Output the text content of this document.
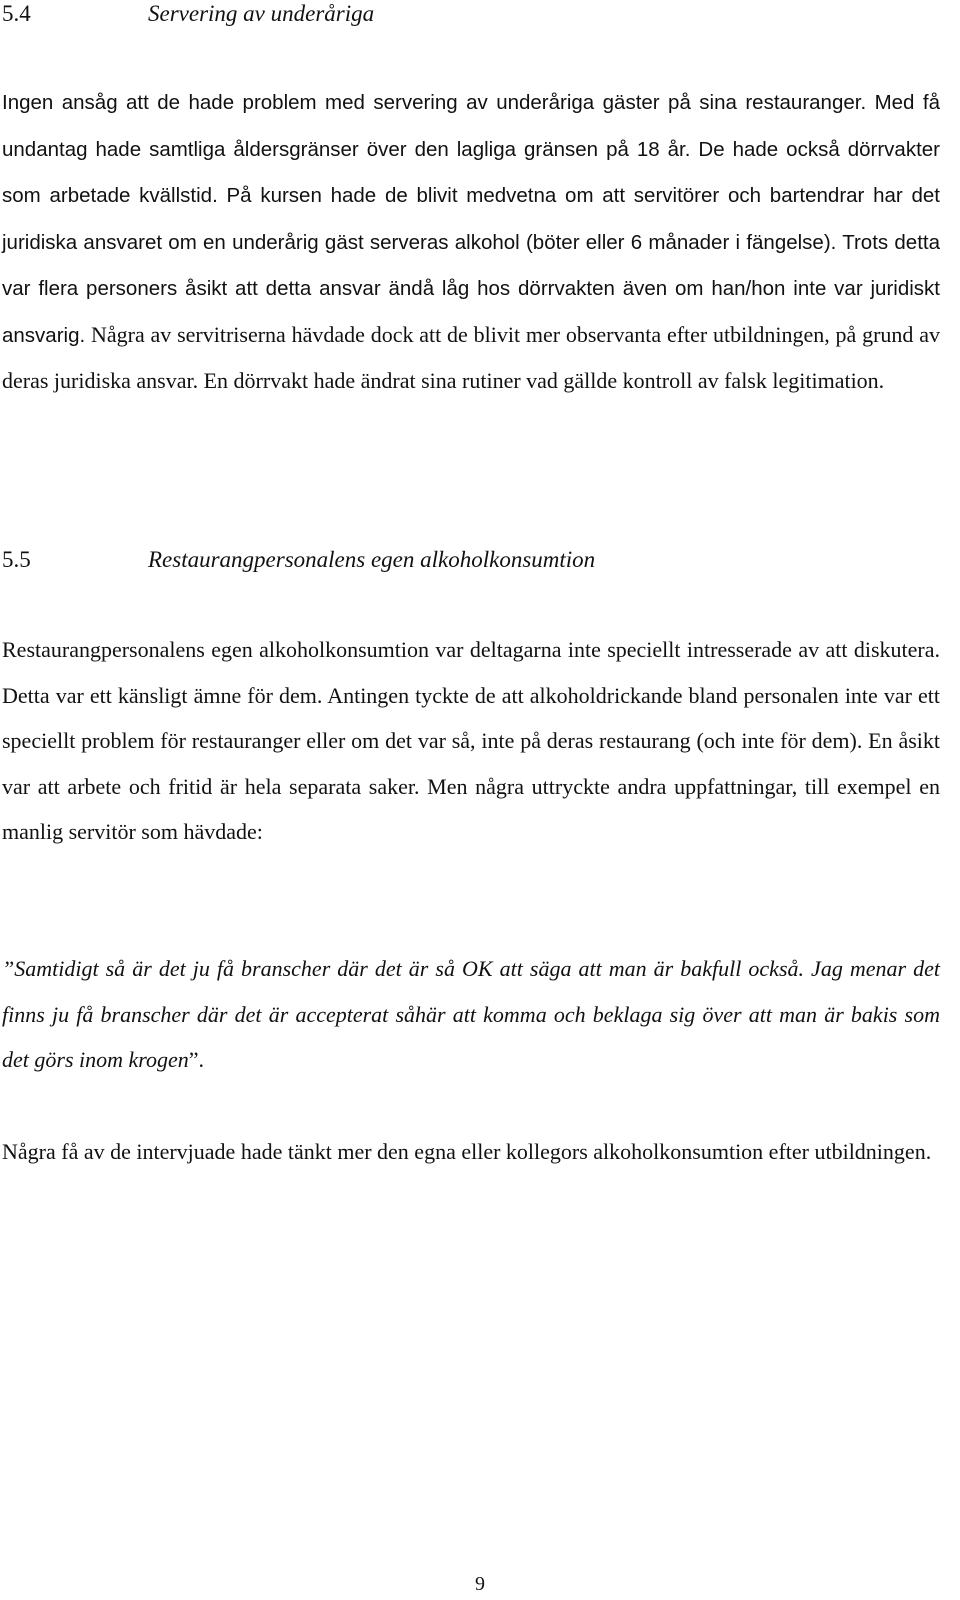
5.4	Servering av underåriga

Ingen ansåg att de hade problem med servering av underåriga gäster på sina restauranger. Med få undantag hade samtliga åldersgränser över den lagliga gränsen på 18 år. De hade också dörrvakter som arbetade kvällstid. På kursen hade de blivit medvetna om att servitörer och bartendrar har det juridiska ansvaret om en underårig gäst serveras alkohol (böter eller 6 månader i fängelse). Trots detta var flera personers åsikt att detta ansvar ändå låg hos dörrvakten även om han/hon inte var juridiskt ansvarig. Några av servitriserna hävdade dock att de blivit mer observanta efter utbildningen, på grund av deras juridiska ansvar. En dörrvakt hade ändrat sina rutiner vad gällde kontroll av falsk legitimation.

5.5	Restaurangpersonalens egen alkoholkonsumtion

Restaurangpersonalens egen alkoholkonsumtion var deltagarna inte speciellt intresserade av att diskutera. Detta var ett känsligt ämne för dem. Antingen tyckte de att alkoholdrickande bland personalen inte var ett speciellt problem för restauranger eller om det var så, inte på deras restaurang (och inte för dem). En åsikt var att arbete och fritid är hela separata saker. Men några uttryckte andra uppfattningar, till exempel en manlig servitör som hävdade:

”Samtidigt så är det ju få branscher där det är så OK att säga att man är bakfull också. Jag menar det finns ju få branscher där det är accepterat såhär att komma och beklaga sig över att man är bakis som det görs inom krogen”.

Några få av de intervjuade hade tänkt mer den egna eller kollegors alkoholkonsumtion efter utbildningen.

9
